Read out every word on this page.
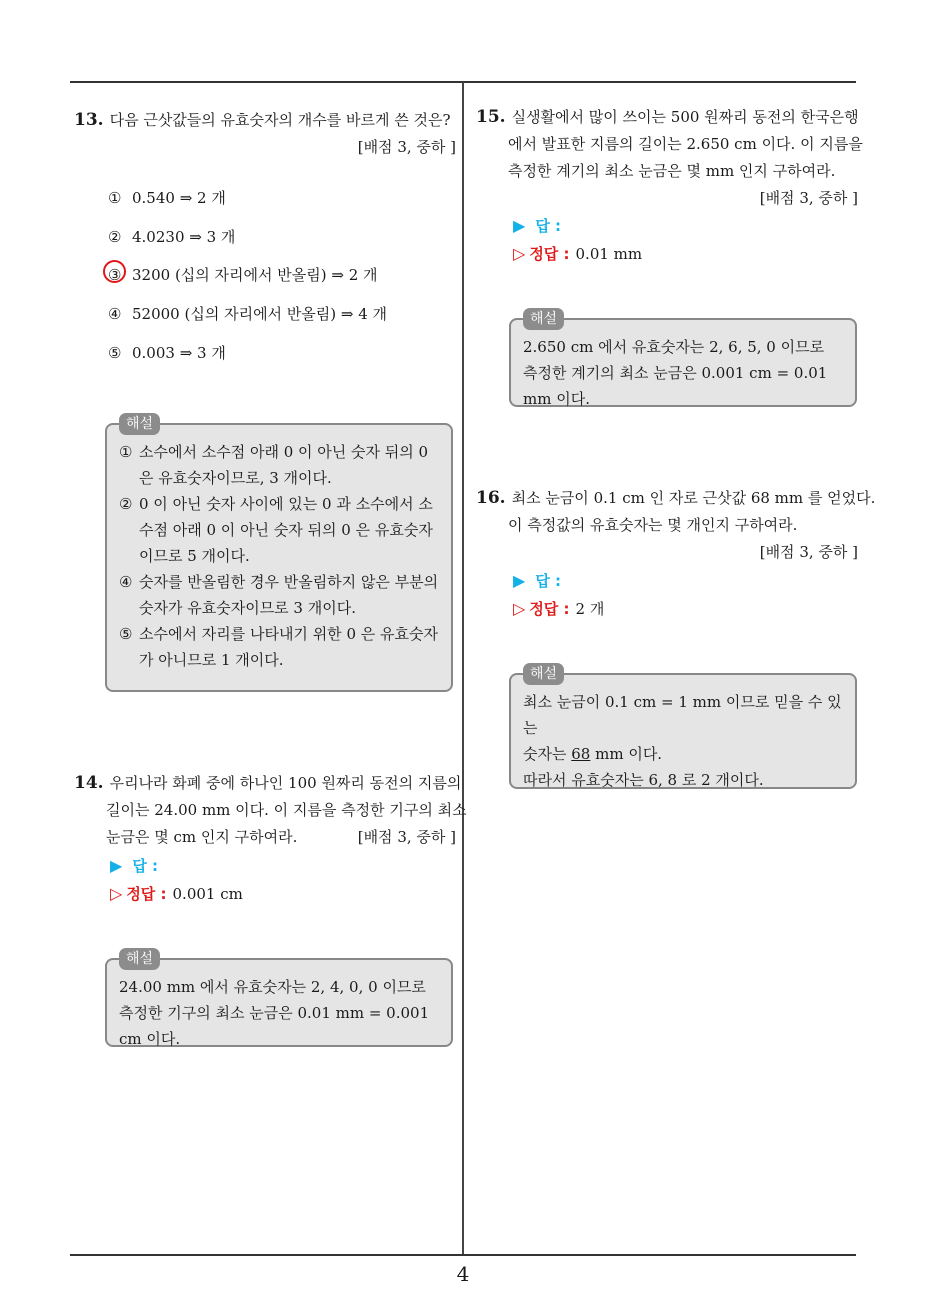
4
13. 다음 근삿값들의 유효숫자의 개수를 바르게 쓴 것은?
[배점 3, 중하 ]
① 0.540 ⇒ 2 개
② 4.0230 ⇒ 3 개
③ 3200 (십의 자리에서 반올림) ⇒ 2 개
④ 52000 (십의 자리에서 반올림) ⇒ 4 개
⑤ 0.003 ⇒ 3 개
해설
① 소수에서 소수점 아래 0 이 아닌 숫자 뒤의 0 은 유효숫자이므로, 3 개이다.
② 0 이 아닌 숫자 사이에 있는 0 과 소수에서 소수점 아래 0 이 아닌 숫자 뒤의 0 은 유효숫자이므로 5 개이다.
④ 숫자를 반올림한 경우 반올림하지 않은 부분의 숫자가 유효숫자이므로 3 개이다.
⑤ 소수에서 자리를 나타내기 위한 0 은 유효숫자가 아니므로 1 개이다.
14. 우리나라 화폐 중에 하나인 100 원짜리 동전의 지름의
길이는 24.00 mm 이다. 이 지름을 측정한 기구의 최소
눈금은 몇 cm 인지 구하여라.	[배점 3, 중하 ]
▶ 답 :
▷ 정답 : 0.001 cm
해설
24.00 mm 에서 유효숫자는 2, 4, 0, 0 이므로 측정한 기구의 최소 눈금은 0.01 mm = 0.001 cm 이다.
15. 실생활에서 많이 쓰이는 500 원짜리 동전의 한국은행
에서 발표한 지름의 길이는 2.650 cm 이다. 이 지름을
측정한 계기의 최소 눈금은 몇 mm 인지 구하여라.
[배점 3, 중하 ]
▶ 답 :
▷ 정답 : 0.01 mm
해설
2.650 cm 에서 유효숫자는 2, 6, 5, 0 이므로 측정한 계기의 최소 눈금은 0.001 cm = 0.01 mm 이다.
16. 최소 눈금이 0.1 cm 인 자로 근삿값 68 mm 를 얻었다.
이 측정값의 유효숫자는 몇 개인지 구하여라.
[배점 3, 중하 ]
▶ 답 :
▷ 정답 : 2 개
해설
최소 눈금이 0.1 cm = 1 mm 이므로 믿을 수 있는
숫자는 68 mm 이다.
따라서 유효숫자는 6, 8 로 2 개이다.
